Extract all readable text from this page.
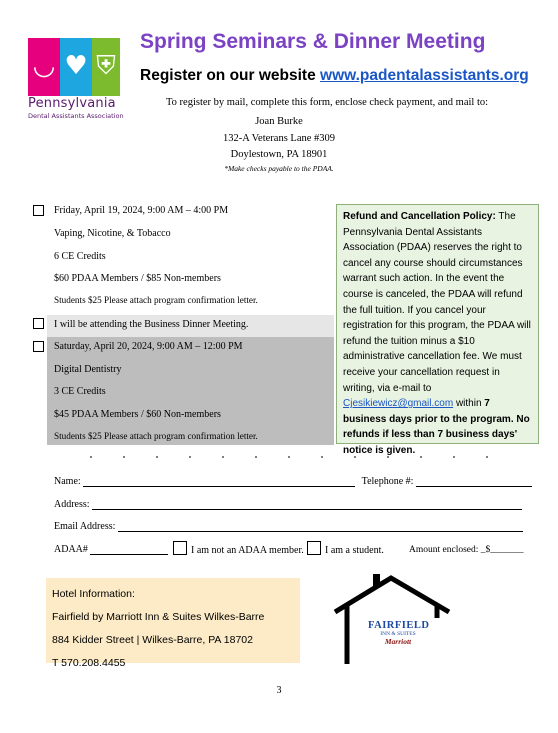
◡ ♥ ⛨
Pennsylvania
Dental Assistants Association
Spring Seminars & Dinner Meeting
Register on our website www.padentalassistants.org
To register by mail, complete this form, enclose check payment, and mail to:
Joan Burke
132-A Veterans Lane #309
Doylestown, PA 18901
*Make checks payable to the PDAA.
Friday, April 19, 2024, 9:00 AM – 4:00 PM
Vaping, Nicotine, & Tobacco
6 CE Credits
$60 PDAA Members / $85 Non-members
Students $25 Please attach program confirmation letter.
I will be attending the Business Dinner Meeting.
Saturday, April 20, 2024, 9:00 AM – 12:00 PM
Digital Dentistry
3 CE Credits
$45 PDAA Members / $60 Non-members
Students $25 Please attach program confirmation letter.
Refund and Cancellation Policy: The Pennsylvania Dental Assistants Association (PDAA) reserves the right to cancel any course should circumstances warrant such action. In the event the course is canceled, the PDAA will refund the full tuition. If you cancel your registration for this program, the PDAA will refund the tuition minus a $10 administrative cancellation fee. We must receive your cancellation request in writing, via e-mail to Cjesikiewicz@gmail.com within 7 business days prior to the program. No refunds if less than 7 business days' notice is given.
Name:	Telephone #:
Address:
Email Address:
ADAA#	I am not an ADAA member. I am a student.	Amount enclosed: _$_______
Hotel Information:
Fairfield by Marriott Inn & Suites Wilkes-Barre
884 Kidder Street | Wilkes-Barre, PA 18702
T 570.208.4455
FAIRFIELD
INN & SUITES
Marriott
3
